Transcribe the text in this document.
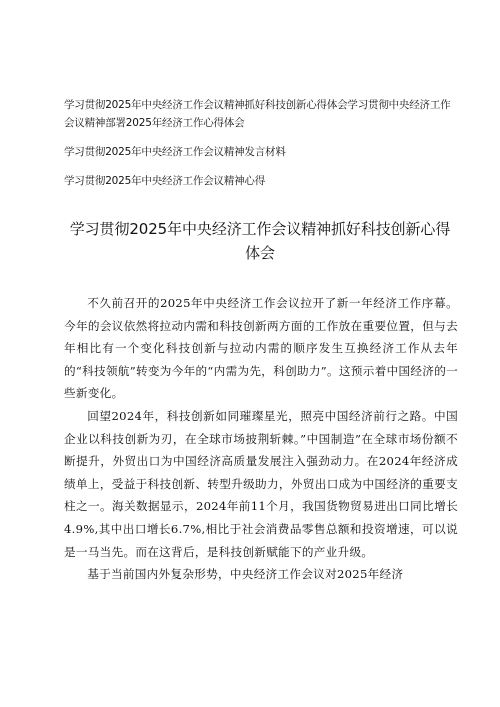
学习贯彻2025年中央经济工作会议精神抓好科技创新心得体会学习贯彻中央经济工作会议精神部署2025年经济工作心得体会

学习贯彻2025年中央经济工作会议精神发言材料

学习贯彻2025年中央经济工作会议精神心得

学习贯彻2025年中央经济工作会议精神抓好科技创新心得体会

不久前召开的2025年中央经济工作会议拉开了新一年经济工作序幕。今年的会议依然将拉动内需和科技创新两方面的工作放在重要位置，但与去年相比有一个变化科技创新与拉动内需的顺序发生互换经济工作从去年的“科技领航”转变为今年的“内需为先，科创助力”。这预示着中国经济的一些新变化。

回望2024年，科技创新如同璀璨星光，照亮中国经济前行之路。中国企业以科技创新为刃，在全球市场披荆斩棘。”中国制造”在全球市场份额不断提升，外贸出口为中国经济高质量发展注入强劲动力。在2024年经济成绩单上，受益于科技创新、转型升级助力，外贸出口成为中国经济的重要支柱之一。海关数据显示，2024年前11个月，我国货物贸易进出口同比增长4.9%,其中出口增长6.7%,相比于社会消费品零售总额和投资增速，可以说是一马当先。而在这背后，是科技创新赋能下的产业升级。

基于当前国内外复杂形势，中央经济工作会议对2025年经济
